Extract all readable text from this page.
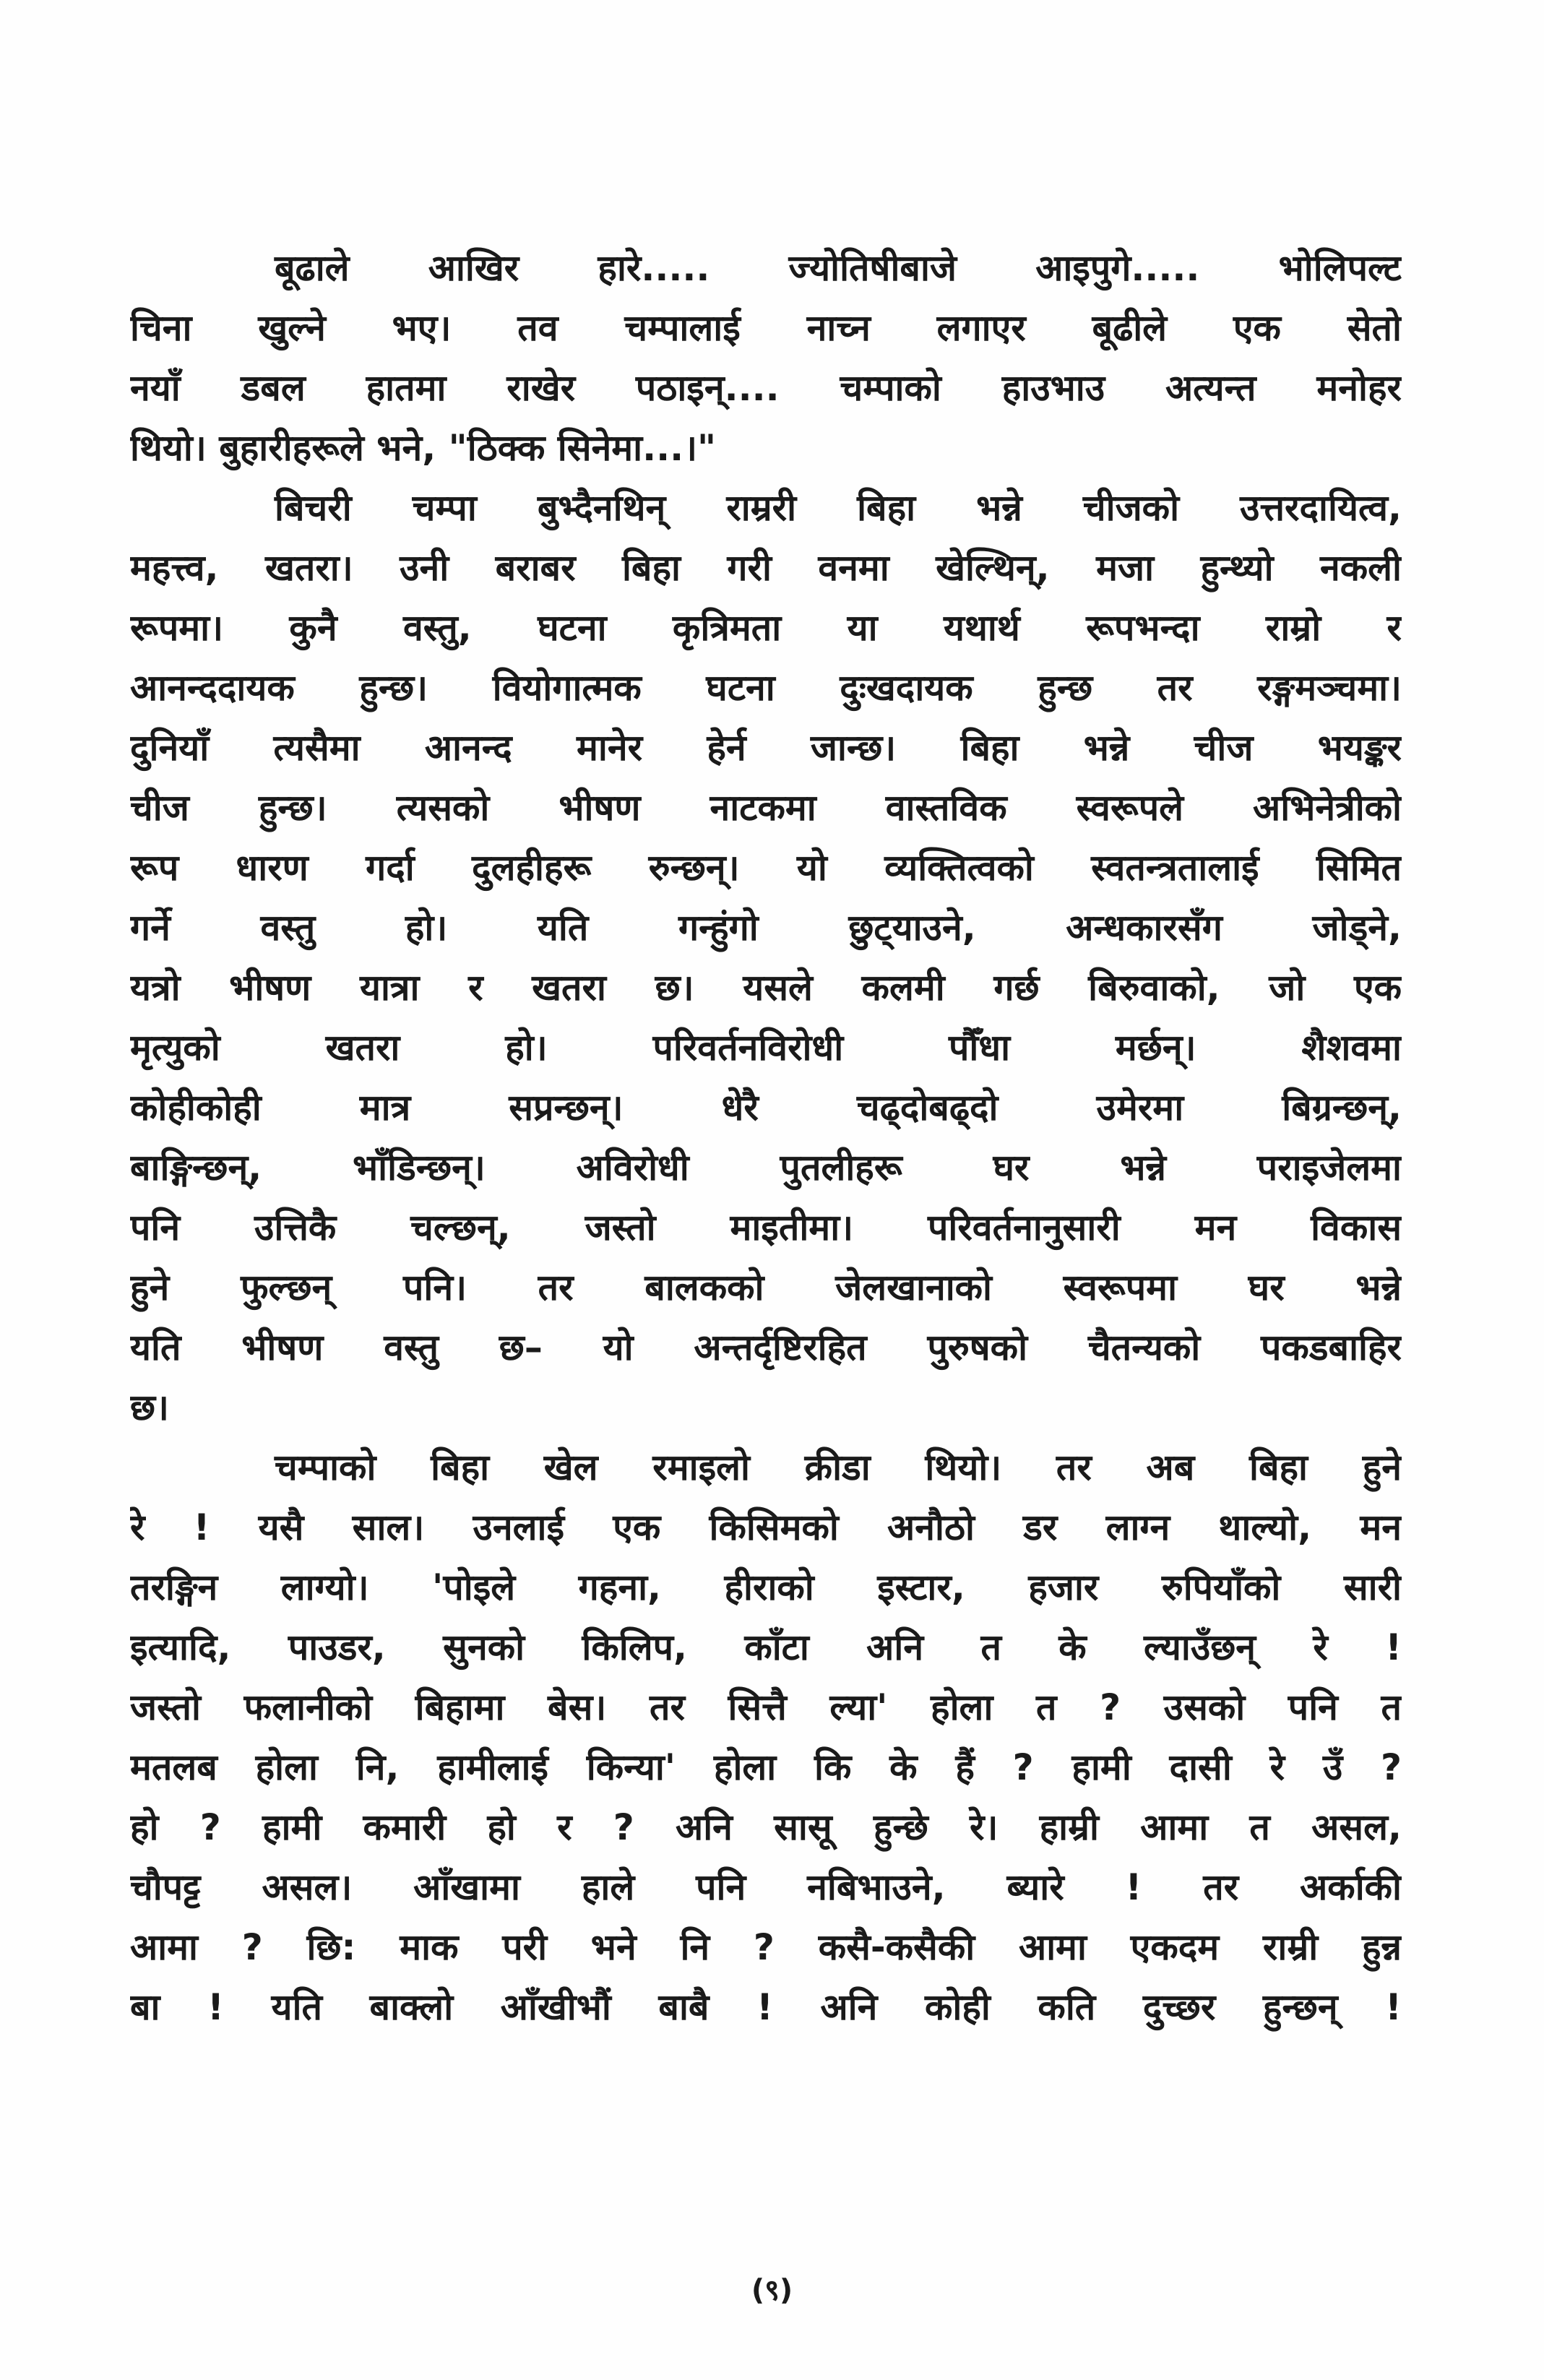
बूढाले आखिर हारे..... ज्योतिषीबाजे आइपुगे..... भोलिपल्ट
चिना खुल्ने भए। तव चम्पालाई नाच्न लगाएर बूढीले एक सेतो
नयाँ डबल हातमा राखेर पठाइन्.... चम्पाको हाउभाउ अत्यन्त मनोहर
थियो। बुहारीहरूले भने, "ठिक्क सिनेमा...।"
बिचरी चम्पा बुभ्दैनथिन् राम्ररी बिहा भन्ने चीजको उत्तरदायित्व,
महत्त्व, खतरा। उनी बराबर बिहा गरी वनमा खेल्थिन्, मजा हुन्थ्यो नकली
रूपमा। कुनै वस्तु, घटना कृत्रिमता या यथार्थ रूपभन्दा राम्रो र
आनन्ददायक हुन्छ। वियोगात्मक घटना दुःखदायक हुन्छ तर रङ्गमञ्चमा।
दुनियाँ त्यसैमा आनन्द मानेर हेर्न जान्छ। बिहा भन्ने चीज भयङ्कर
चीज हुन्छ। त्यसको भीषण नाटकमा वास्तविक स्वरूपले अभिनेत्रीको
रूप धारण गर्दा दुलहीहरू रुन्छन्। यो व्यक्तित्वको स्वतन्त्रतालाई सिमित
गर्ने वस्तु हो। यति गन्हुंगो छुट्‌याउने, अन्धकारसँग जोड्ने,
यत्रो भीषण यात्रा र खतरा छ। यसले कलमी गर्छ बिरुवाको, जो एक
मृत्युको खतरा हो। परिवर्तनविरोधी पौँधा मर्छन्। शैशवमा
कोहीकोही मात्र सप्रन्छन्। धेरै चढ्दोबढ्दो उमेरमा बिग्रन्छन्,
बाङ्गिन्छन्, भाँडिन्छन्। अविरोधी पुतलीहरू घर भन्ने पराइजेलमा
पनि उत्तिकै चल्छन्, जस्तो माइतीमा। परिवर्तनानुसारी मन विकास
हुने फुल्छन् पनि। तर बालकको जेलखानाको स्वरूपमा घर भन्ने
यति भीषण वस्तु छ– यो अन्तर्दृष्टिरहित पुरुषको चैतन्यको पकडबाहिर
छ।
चम्पाको बिहा खेल रमाइलो क्रीडा थियो। तर अब बिहा हुने
रे ! यसै साल। उनलाई एक किसिमको अनौठो डर लाग्न थाल्यो, मन
तरङ्गिन लाग्यो। 'पोइले गहना, हीराको इस्टार, हजार रुपियाँको सारी
इत्यादि, पाउडर, सुनको किलिप, काँटा अनि त के ल्याउँछन् रे !
जस्तो फलानीको बिहामा बेस। तर सित्तै ल्या' होला त ? उसको पनि त
मतलब होला नि, हामीलाई किन्या' होला कि के हैं ? हामी दासी रे उँ ?
हो ? हामी कमारी हो र ? अनि सासू हुन्छे रे। हाम्री आमा त असल,
चौपट्ट असल। आँखामा हाले पनि नबिभाउने, ब्यारे ! तर अर्काकी
आमा ? छि: माक परी भने नि ? कसै-कसैकी आमा एकदम राम्री हुन्न
बा ! यति बाक्लो आँखीभौं बाबै ! अनि कोही कति दुच्छर हुन्छन् !
(९)
